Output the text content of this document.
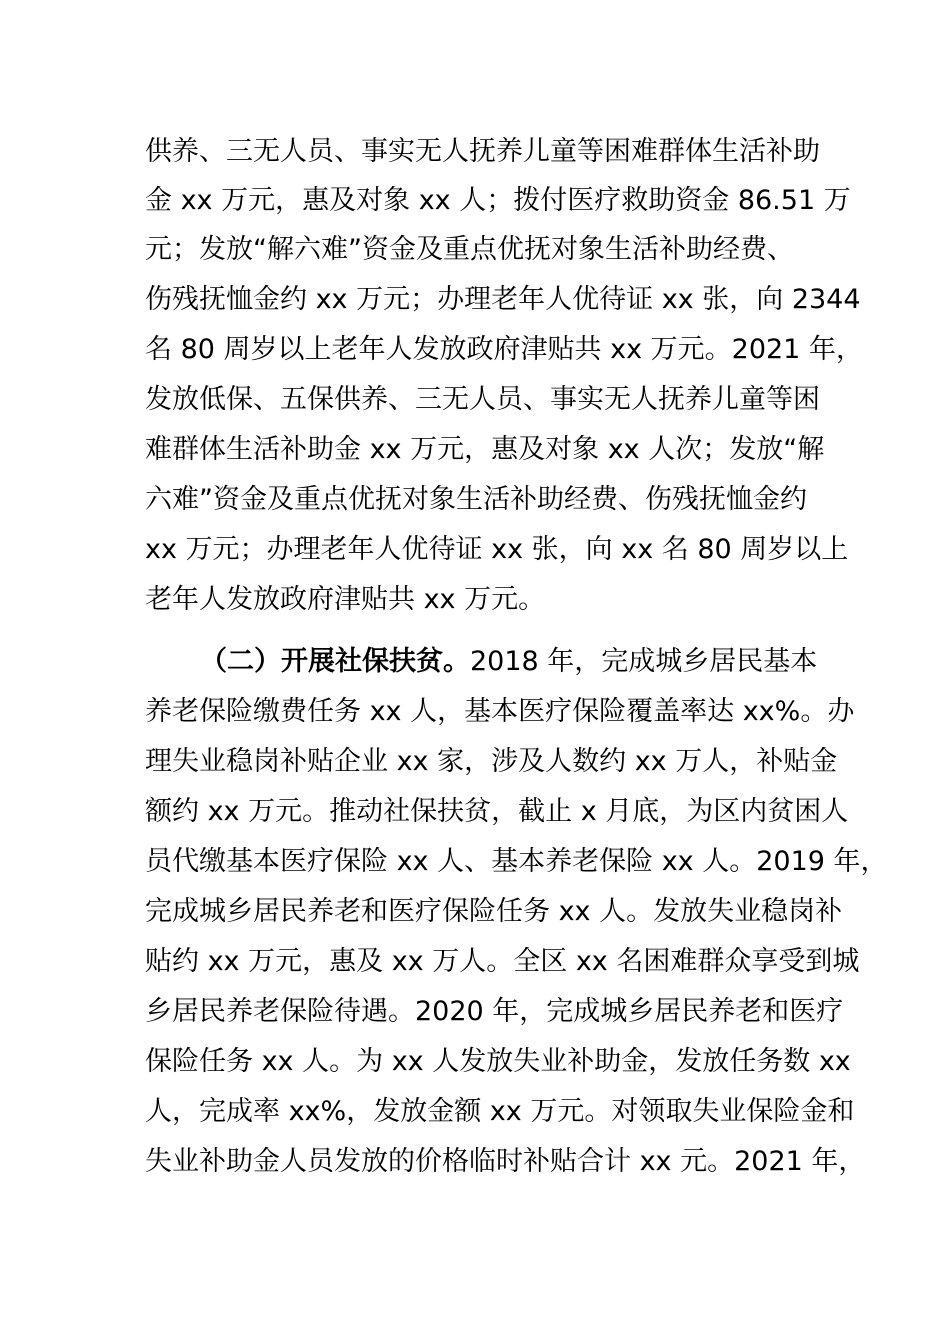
供养、三无人员、事实无人抚养儿童等困难群体生活补助
金 xx 万元，惠及对象 xx 人；拨付医疗救助资金 86.51 万
元；发放“解六难”资金及重点优抚对象生活补助经费、
伤残抚恤金约 xx 万元；办理老年人优待证 xx 张，向 2344
名 80 周岁以上老年人发放政府津贴共 xx 万元。2021 年，
发放低保、五保供养、三无人员、事实无人抚养儿童等困
难群体生活补助金 xx 万元，惠及对象 xx 人次；发放“解
六难”资金及重点优抚对象生活补助经费、伤残抚恤金约
xx 万元；办理老年人优待证 xx 张，向 xx 名 80 周岁以上
老年人发放政府津贴共 xx 万元。
（二）开展社保扶贫。2018 年，完成城乡居民基本
养老保险缴费任务 xx 人，基本医疗保险覆盖率达 xx%。办
理失业稳岗补贴企业 xx 家，涉及人数约 xx 万人，补贴金
额约 xx 万元。推动社保扶贫，截止 x 月底，为区内贫困人
员代缴基本医疗保险 xx 人、基本养老保险 xx 人。2019 年，
完成城乡居民养老和医疗保险任务 xx 人。发放失业稳岗补
贴约 xx 万元，惠及 xx 万人。全区 xx 名困难群众享受到城
乡居民养老保险待遇。2020 年，完成城乡居民养老和医疗
保险任务 xx 人。为 xx 人发放失业补助金，发放任务数 xx
人，完成率 xx%，发放金额 xx 万元。对领取失业保险金和
失业补助金人员发放的价格临时补贴合计 xx 元。2021 年，
